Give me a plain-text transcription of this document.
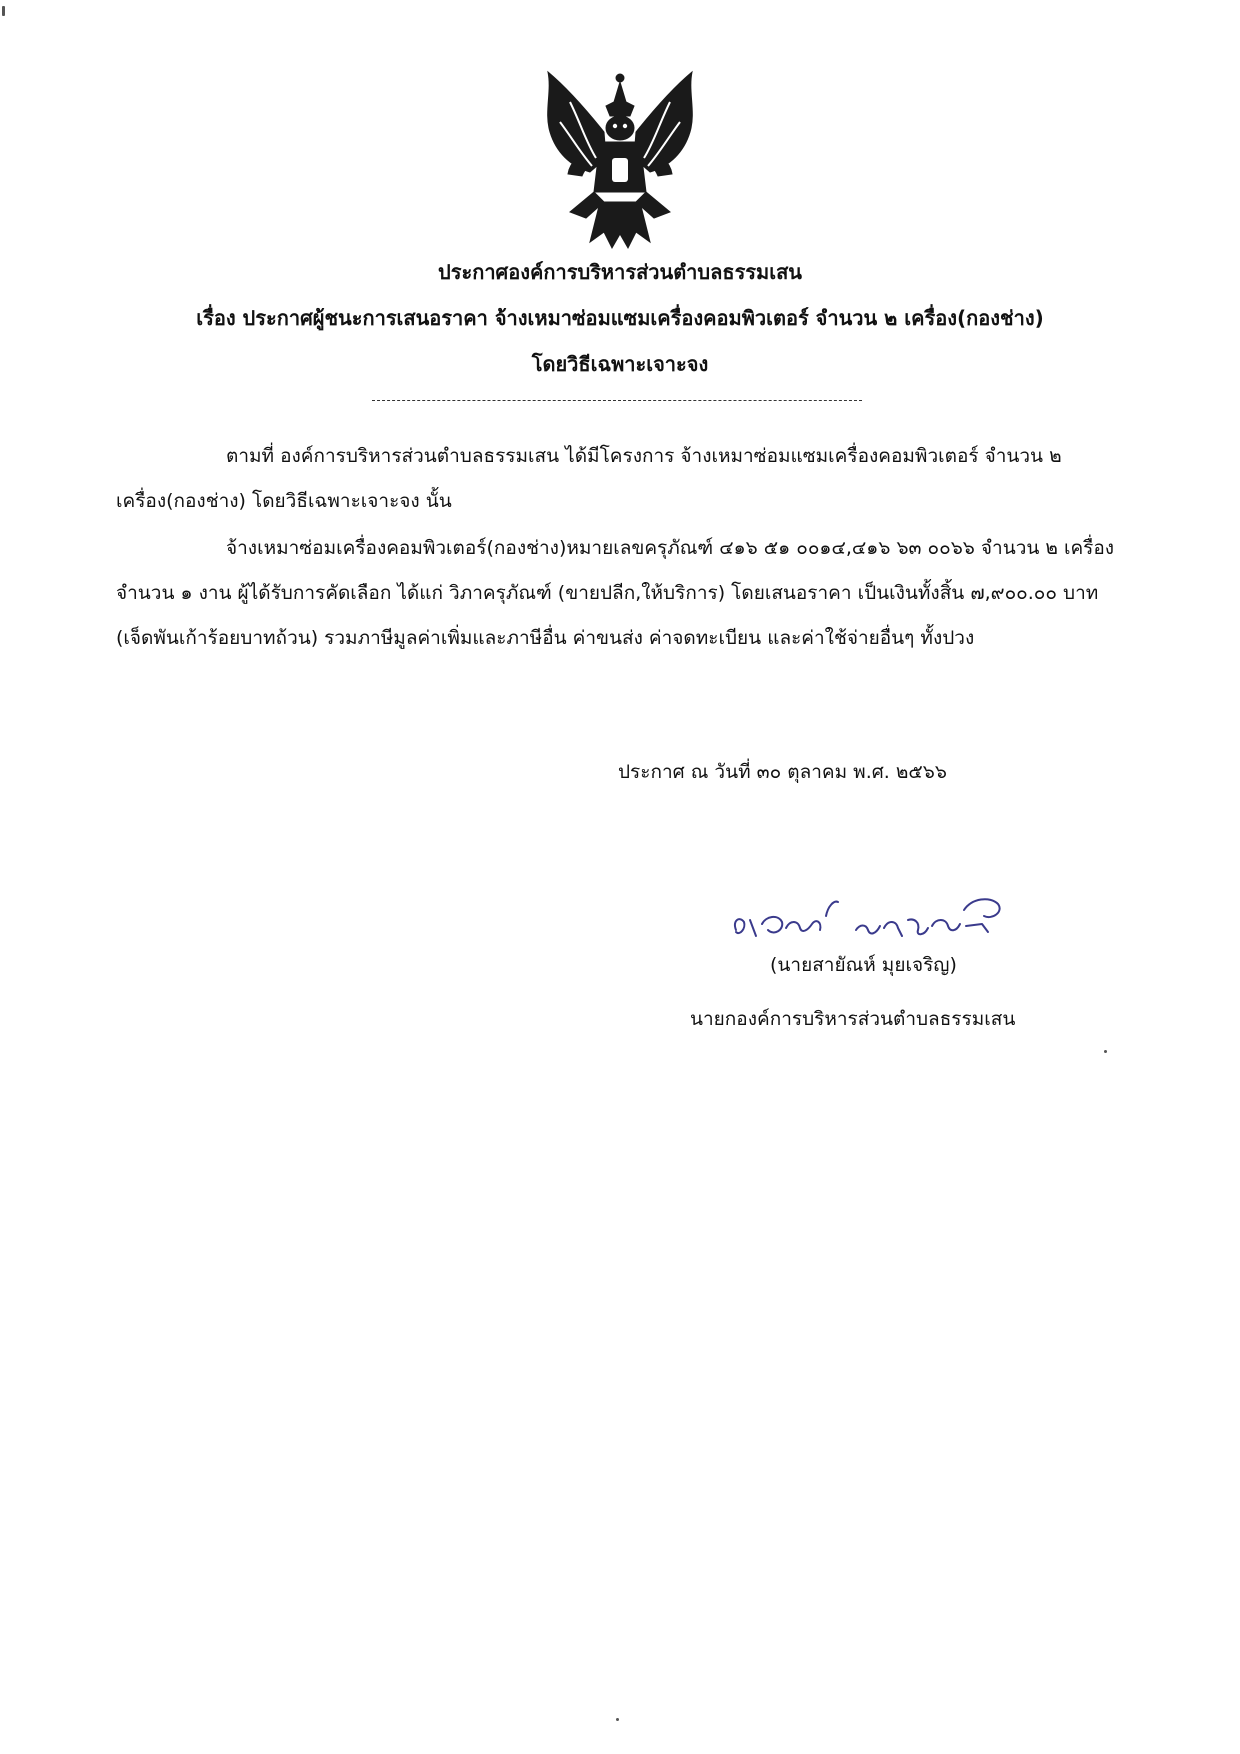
ประกาศองค์การบริหารส่วนตำบลธรรมเสน
เรื่อง ประกาศผู้ชนะการเสนอราคา จ้างเหมาซ่อมแซมเครื่องคอมพิวเตอร์ จำนวน ๒ เครื่อง(กองช่าง)
โดยวิธีเฉพาะเจาะจง
ตามที่ องค์การบริหารส่วนตำบลธรรมเสน ได้มีโครงการ จ้างเหมาซ่อมแซมเครื่องคอมพิวเตอร์ จำนวน ๒ เครื่อง(กองช่าง) โดยวิธีเฉพาะเจาะจง นั้น
จ้างเหมาซ่อมเครื่องคอมพิวเตอร์(กองช่าง)หมายเลขครุภัณฑ์ ๔๑๖ ๕๑ ๐๐๑๔,๔๑๖ ๖๓ ๐๐๖๖ จำนวน ๒ เครื่อง จำนวน ๑ งาน ผู้ได้รับการคัดเลือก ได้แก่ วิภาครุภัณฑ์ (ขายปลีก,ให้บริการ) โดยเสนอราคา เป็นเงินทั้งสิ้น ๗,๙๐๐.๐๐ บาท (เจ็ดพันเก้าร้อยบาทถ้วน) รวมภาษีมูลค่าเพิ่มและภาษีอื่น ค่าขนส่ง ค่าจดทะเบียน และค่าใช้จ่ายอื่นๆ ทั้งปวง
ประกาศ ณ วันที่ ๓๐ ตุลาคม พ.ศ. ๒๕๖๖
(นายสายัณห์ มุยเจริญ)
นายกองค์การบริหารส่วนตำบลธรรมเสน
